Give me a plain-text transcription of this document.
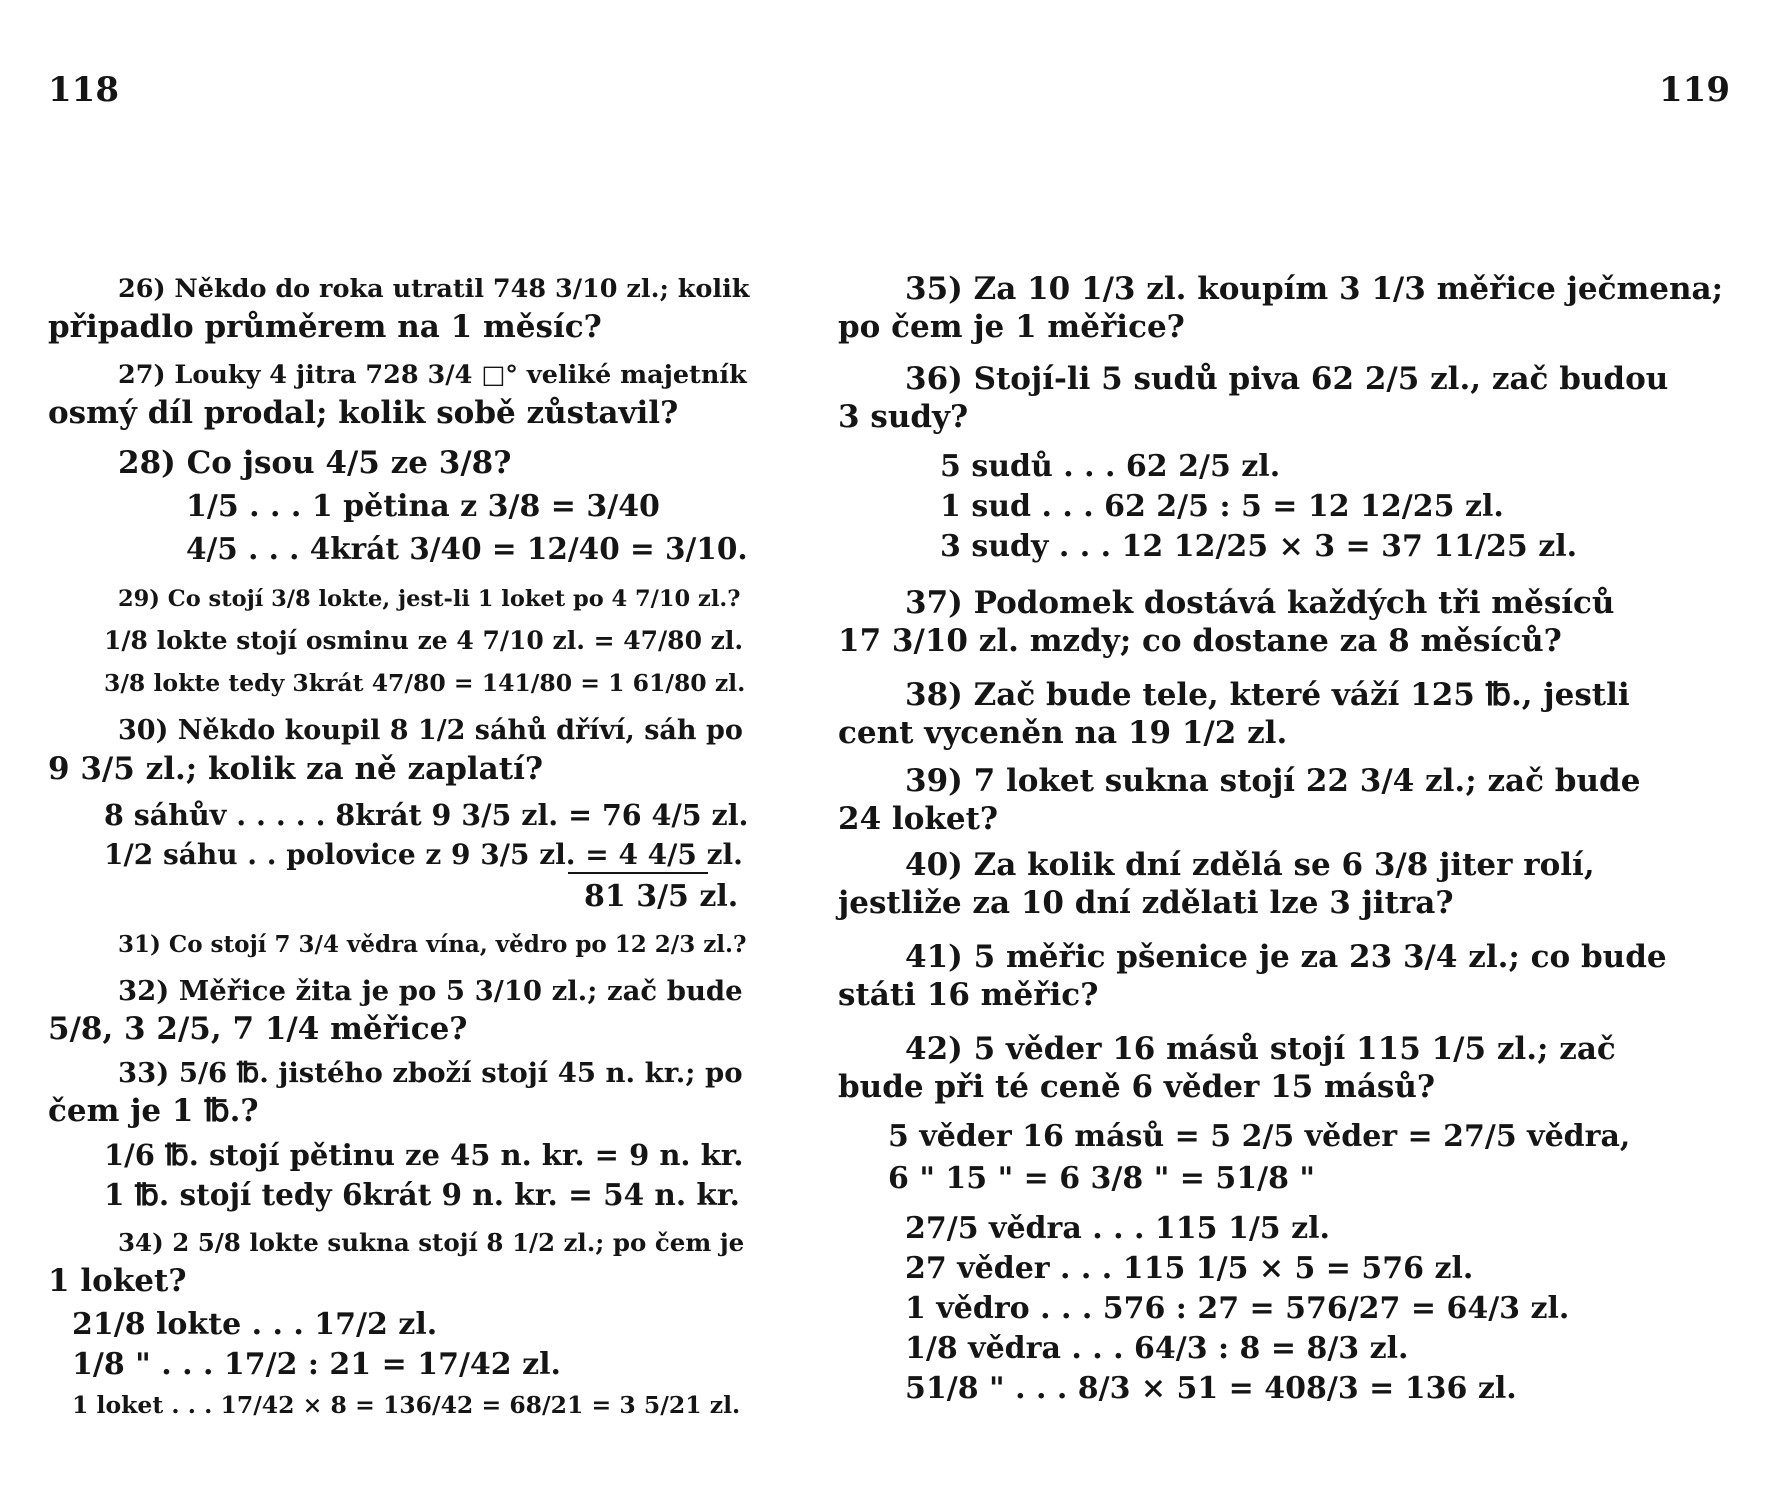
118	119
26) Někdo do roka utratil 748 3/10 zl.; kolik
připadlo průměrem na 1 měsíc?
27) Louky 4 jitra 728 3/4 □° veliké majetník
osmý díl prodal; kolik sobě zůstavil?
28) Co jsou 4/5 ze 3/8?
1/5 . . . 1 pětina z 3/8 = 3/40
4/5 . . . 4krát 3/40 = 12/40 = 3/10.
29) Co stojí 3/8 lokte, jest-li 1 loket po 4 7/10 zl.?
1/8 lokte stojí osminu ze 4 7/10 zl. = 47/80 zl.
3/8 lokte tedy 3krát 47/80 = 141/80 = 1 61/80 zl.
30) Někdo koupil 8 1/2 sáhů dříví, sáh po
9 3/5 zl.; kolik za ně zaplatí?
8 sáhův . . . . . 8krát 9 3/5 zl. = 76 4/5 zl.
1/2 sáhu . . polovice z 9 3/5 zl. = 4 4/5 zl.
81 3/5 zl.
31) Co stojí 7 3/4 vědra vína, vědro po 12 2/3 zl.?
32) Měřice žita je po 5 3/10 zl.; zač bude
5/8, 3 2/5, 7 1/4 měřice?
33) 5/6 ℔. jistého zboží stojí 45 n. kr.; po
čem je 1 ℔.?
1/6 ℔. stojí pětinu ze 45 n. kr. = 9 n. kr.
1 ℔. stojí tedy 6krát 9 n. kr. = 54 n. kr.
34) 2 5/8 lokte sukna stojí 8 1/2 zl.; po čem je
1 loket?
21/8 lokte . . . 17/2 zl.
1/8 " . . . 17/2 : 21 = 17/42 zl.
1 loket . . . 17/42 × 8 = 136/42 = 68/21 = 3 5/21 zl.
35) Za 10 1/3 zl. koupím 3 1/3 měřice ječmena;
po čem je 1 měřice?
36) Stojí-li 5 sudů piva 62 2/5 zl., zač budou
3 sudy?
5 sudů . . . 62 2/5 zl.
1 sud . . . 62 2/5 : 5 = 12 12/25 zl.
3 sudy . . . 12 12/25 × 3 = 37 11/25 zl.
37) Podomek dostává každých tři měsíců
17 3/10 zl. mzdy; co dostane za 8 měsíců?
38) Zač bude tele, které váží 125 ℔., jestli
cent vyceněn na 19 1/2 zl.
39) 7 loket sukna stojí 22 3/4 zl.; zač bude
24 loket?
40) Za kolik dní zdělá se 6 3/8 jiter rolí,
jestliže za 10 dní zdělati lze 3 jitra?
41) 5 měřic pšenice je za 23 3/4 zl.; co bude
státi 16 měřic?
42) 5 věder 16 másů stojí 115 1/5 zl.; zač
bude při té ceně 6 věder 15 másů?
5 věder 16 másů = 5 2/5 věder = 27/5 vědra,
6 " 15 " = 6 3/8 " = 51/8 "
27/5 vědra . . . 115 1/5 zl.
27 věder . . . 115 1/5 × 5 = 576 zl.
1 vědro . . . 576 : 27 = 576/27 = 64/3 zl.
1/8 vědra . . . 64/3 : 8 = 8/3 zl.
51/8 " . . . 8/3 × 51 = 408/3 = 136 zl.
